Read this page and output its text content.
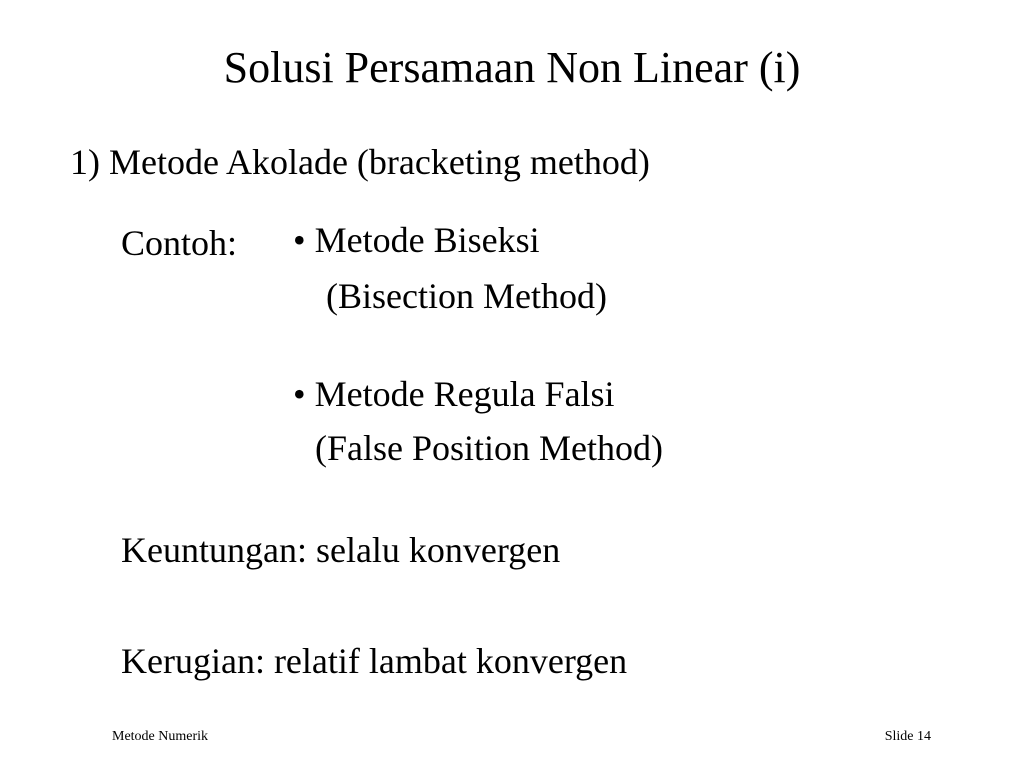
Solusi Persamaan Non Linear (i)
1) Metode Akolade (bracketing method)
Contoh: • Metode Biseksi
(Bisection Method)
• Metode Regula Falsi
(False Position Method)
Keuntungan: selalu konvergen
Kerugian: relatif lambat konvergen
Metode Numerik	Slide 14
